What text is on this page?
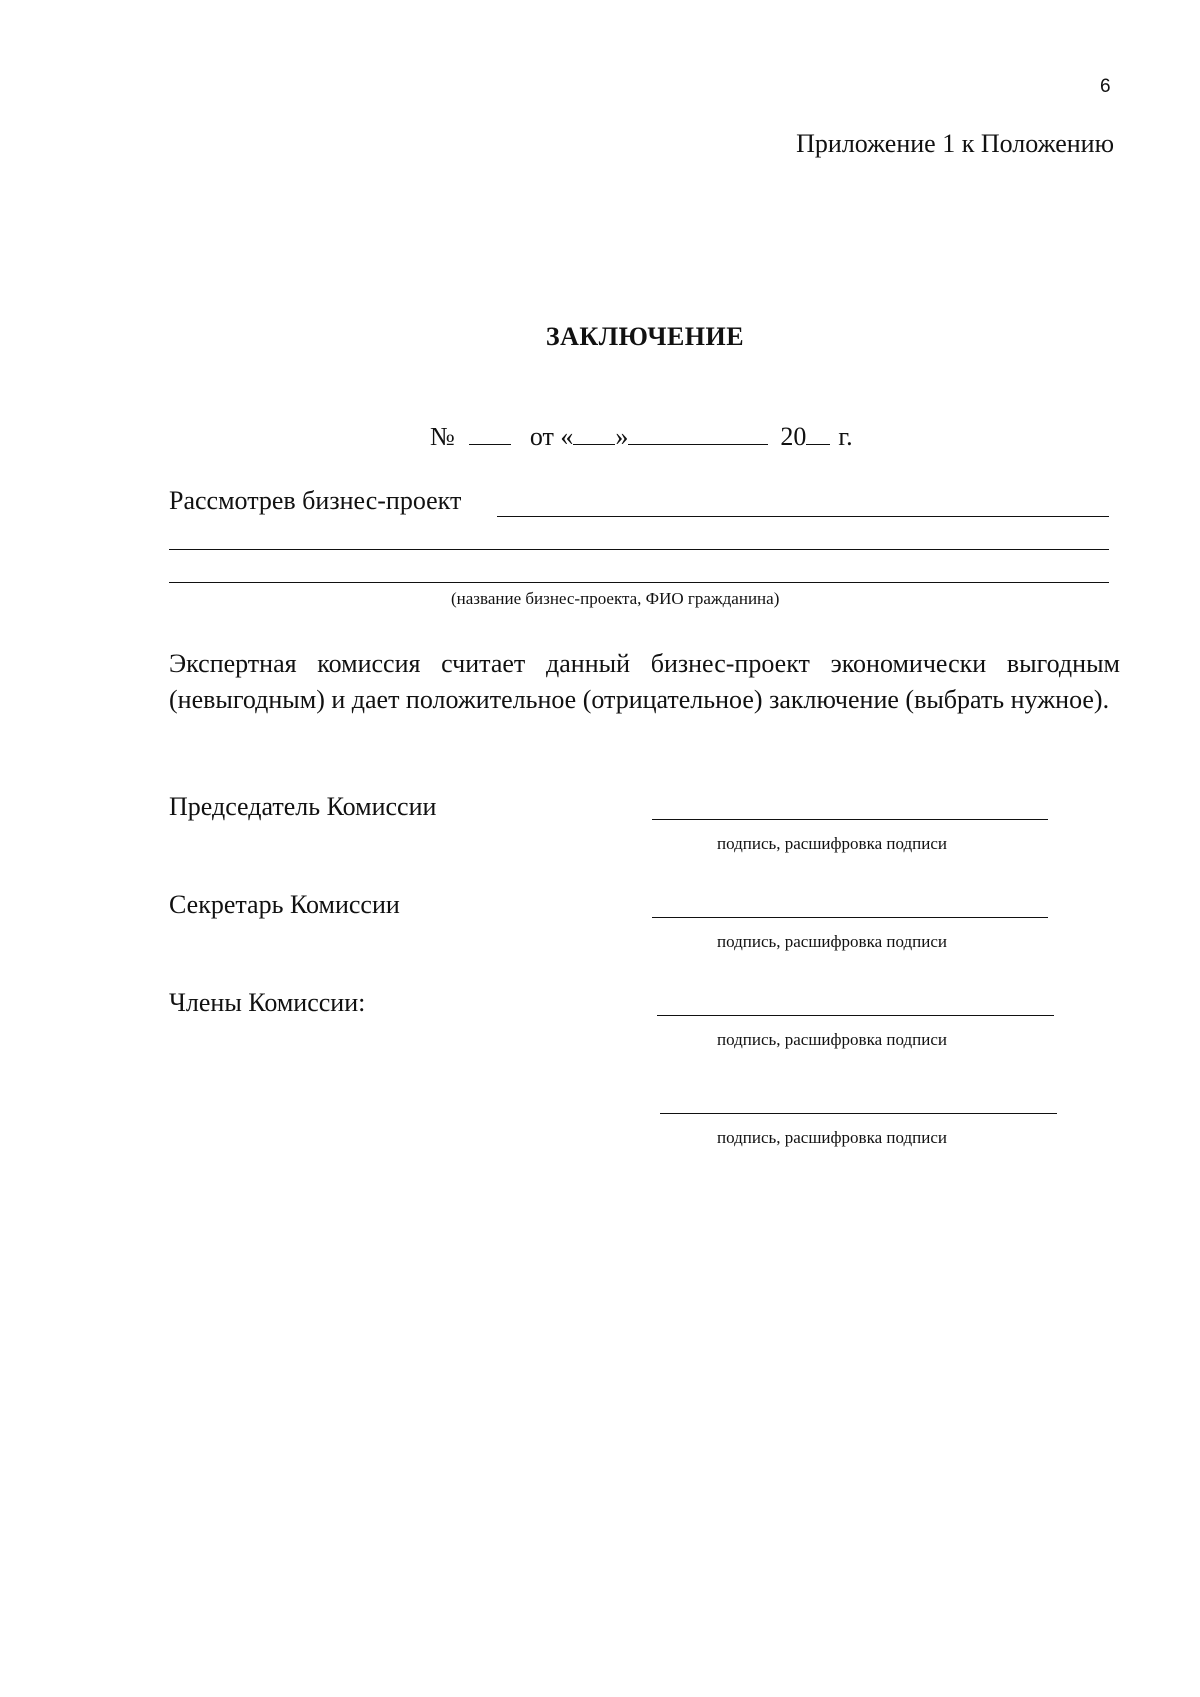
6
Приложение 1 к Положению
ЗАКЛЮЧЕНИЕ
№	от « »	20 г.
Рассмотрев бизнес-проект
(название бизнес-проекта, ФИО гражданина)
Экспертная комиссия считает данный бизнес-проект экономически выгодным (невыгодным) и дает положительное (отрицательное) заключение (выбрать нужное).
Председатель Комиссии
подпись, расшифровка подписи
Секретарь Комиссии
подпись, расшифровка подписи
Члены Комиссии:
подпись, расшифровка подписи
подпись, расшифровка подписи
